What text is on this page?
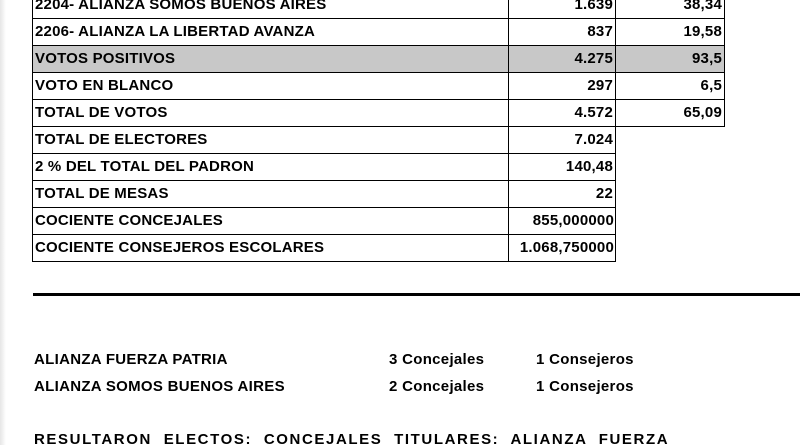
2204- ALIANZA SOMOS BUENOS AIRES	1.639	38,34
2206- ALIANZA LA LIBERTAD AVANZA	837	19,58
VOTOS POSITIVOS	4.275	93,5
VOTO EN BLANCO	297	6,5
TOTAL DE VOTOS	4.572	65,09
TOTAL DE ELECTORES	7.024	
2 % DEL TOTAL DEL PADRON	140,48	
TOTAL DE MESAS	22	
COCIENTE CONCEJALES	855,000000	
COCIENTE CONSEJEROS ESCOLARES	1.068,750000	
ALIANZA FUERZA PATRIA	3 Concejales	1 Consejeros
ALIANZA SOMOS BUENOS AIRES	2 Concejales	1 Consejeros
RESULTARON ELECTOS: CONCEJALES TITULARES: ALIANZA FUERZA
